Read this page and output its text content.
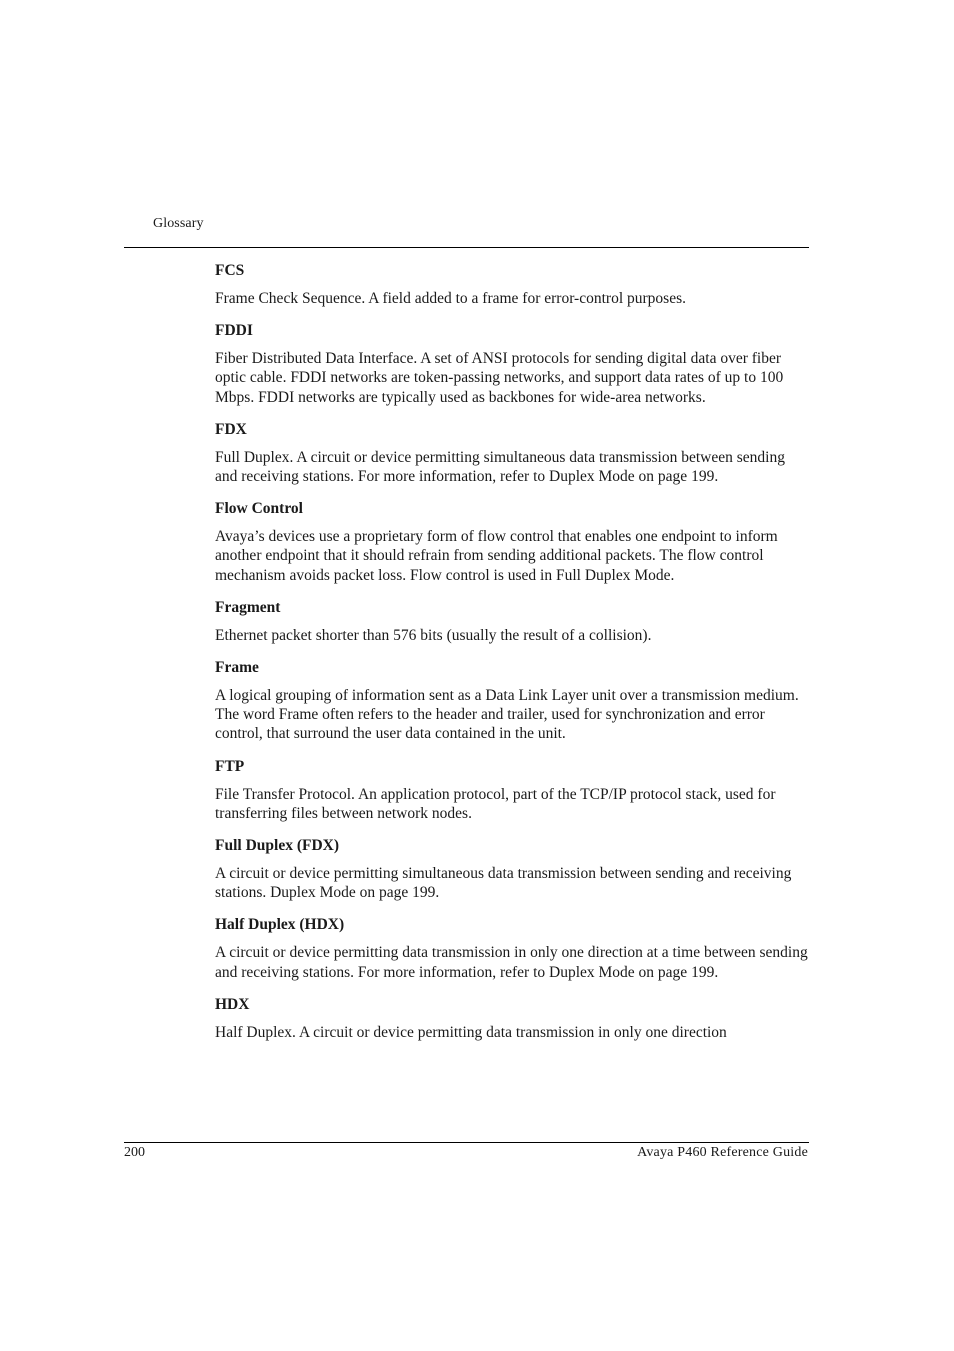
Glossary
FCS
Frame Check Sequence. A field added to a frame for error-control purposes.
FDDI
Fiber Distributed Data Interface. A set of ANSI protocols for sending digital data over fiber optic cable. FDDI networks are token-passing networks, and support data rates of up to 100 Mbps. FDDI networks are typically used as backbones for wide-area networks.
FDX
Full Duplex. A circuit or device permitting simultaneous data transmission between sending and receiving stations. For more information, refer to Duplex Mode on page 199.
Flow Control
Avaya’s devices use a proprietary form of flow control that enables one endpoint to inform another endpoint that it should refrain from sending additional packets. The flow control mechanism avoids packet loss. Flow control is used in Full Duplex Mode.
Fragment
Ethernet packet shorter than 576 bits (usually the result of a collision).
Frame
A logical grouping of information sent as a Data Link Layer unit over a transmission medium. The word Frame often refers to the header and trailer, used for synchronization and error control, that surround the user data contained in the unit.
FTP
File Transfer Protocol. An application protocol, part of the TCP/IP protocol stack, used for transferring files between network nodes.
Full Duplex (FDX)
A circuit or device permitting simultaneous data transmission between sending and receiving stations. Duplex Mode on page 199.
Half Duplex (HDX)
A circuit or device permitting data transmission in only one direction at a time between sending and receiving stations. For more information, refer to Duplex Mode on page 199.
HDX
Half Duplex. A circuit or device permitting data transmission in only one direction
200	Avaya P460 Reference Guide
